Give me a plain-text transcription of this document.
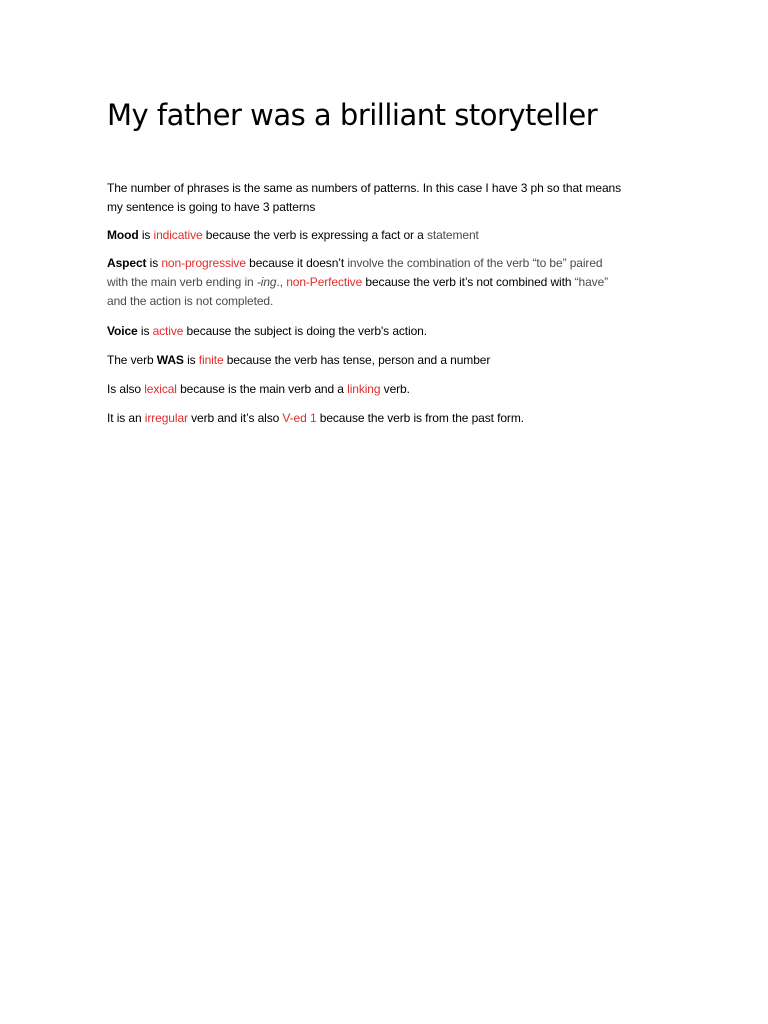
My father was a brilliant storyteller

The number of phrases is the same as numbers of patterns. In this case I have 3 ph so that means
my sentence is going to have 3 patterns

Mood is indicative because the verb is expressing a fact or a statement

Aspect is non-progressive because it doesn’t involve the combination of the verb “to be” paired
with the main verb ending in -ing., non-Perfective because the verb it’s not combined with “have”
and the action is not completed.

Voice is active because the subject is doing the verb's action.

The verb WAS is finite because the verb has tense, person and a number

Is also lexical because is the main verb and a linking verb.

It is an irregular verb and it’s also V-ed 1 because the verb is from the past form.
